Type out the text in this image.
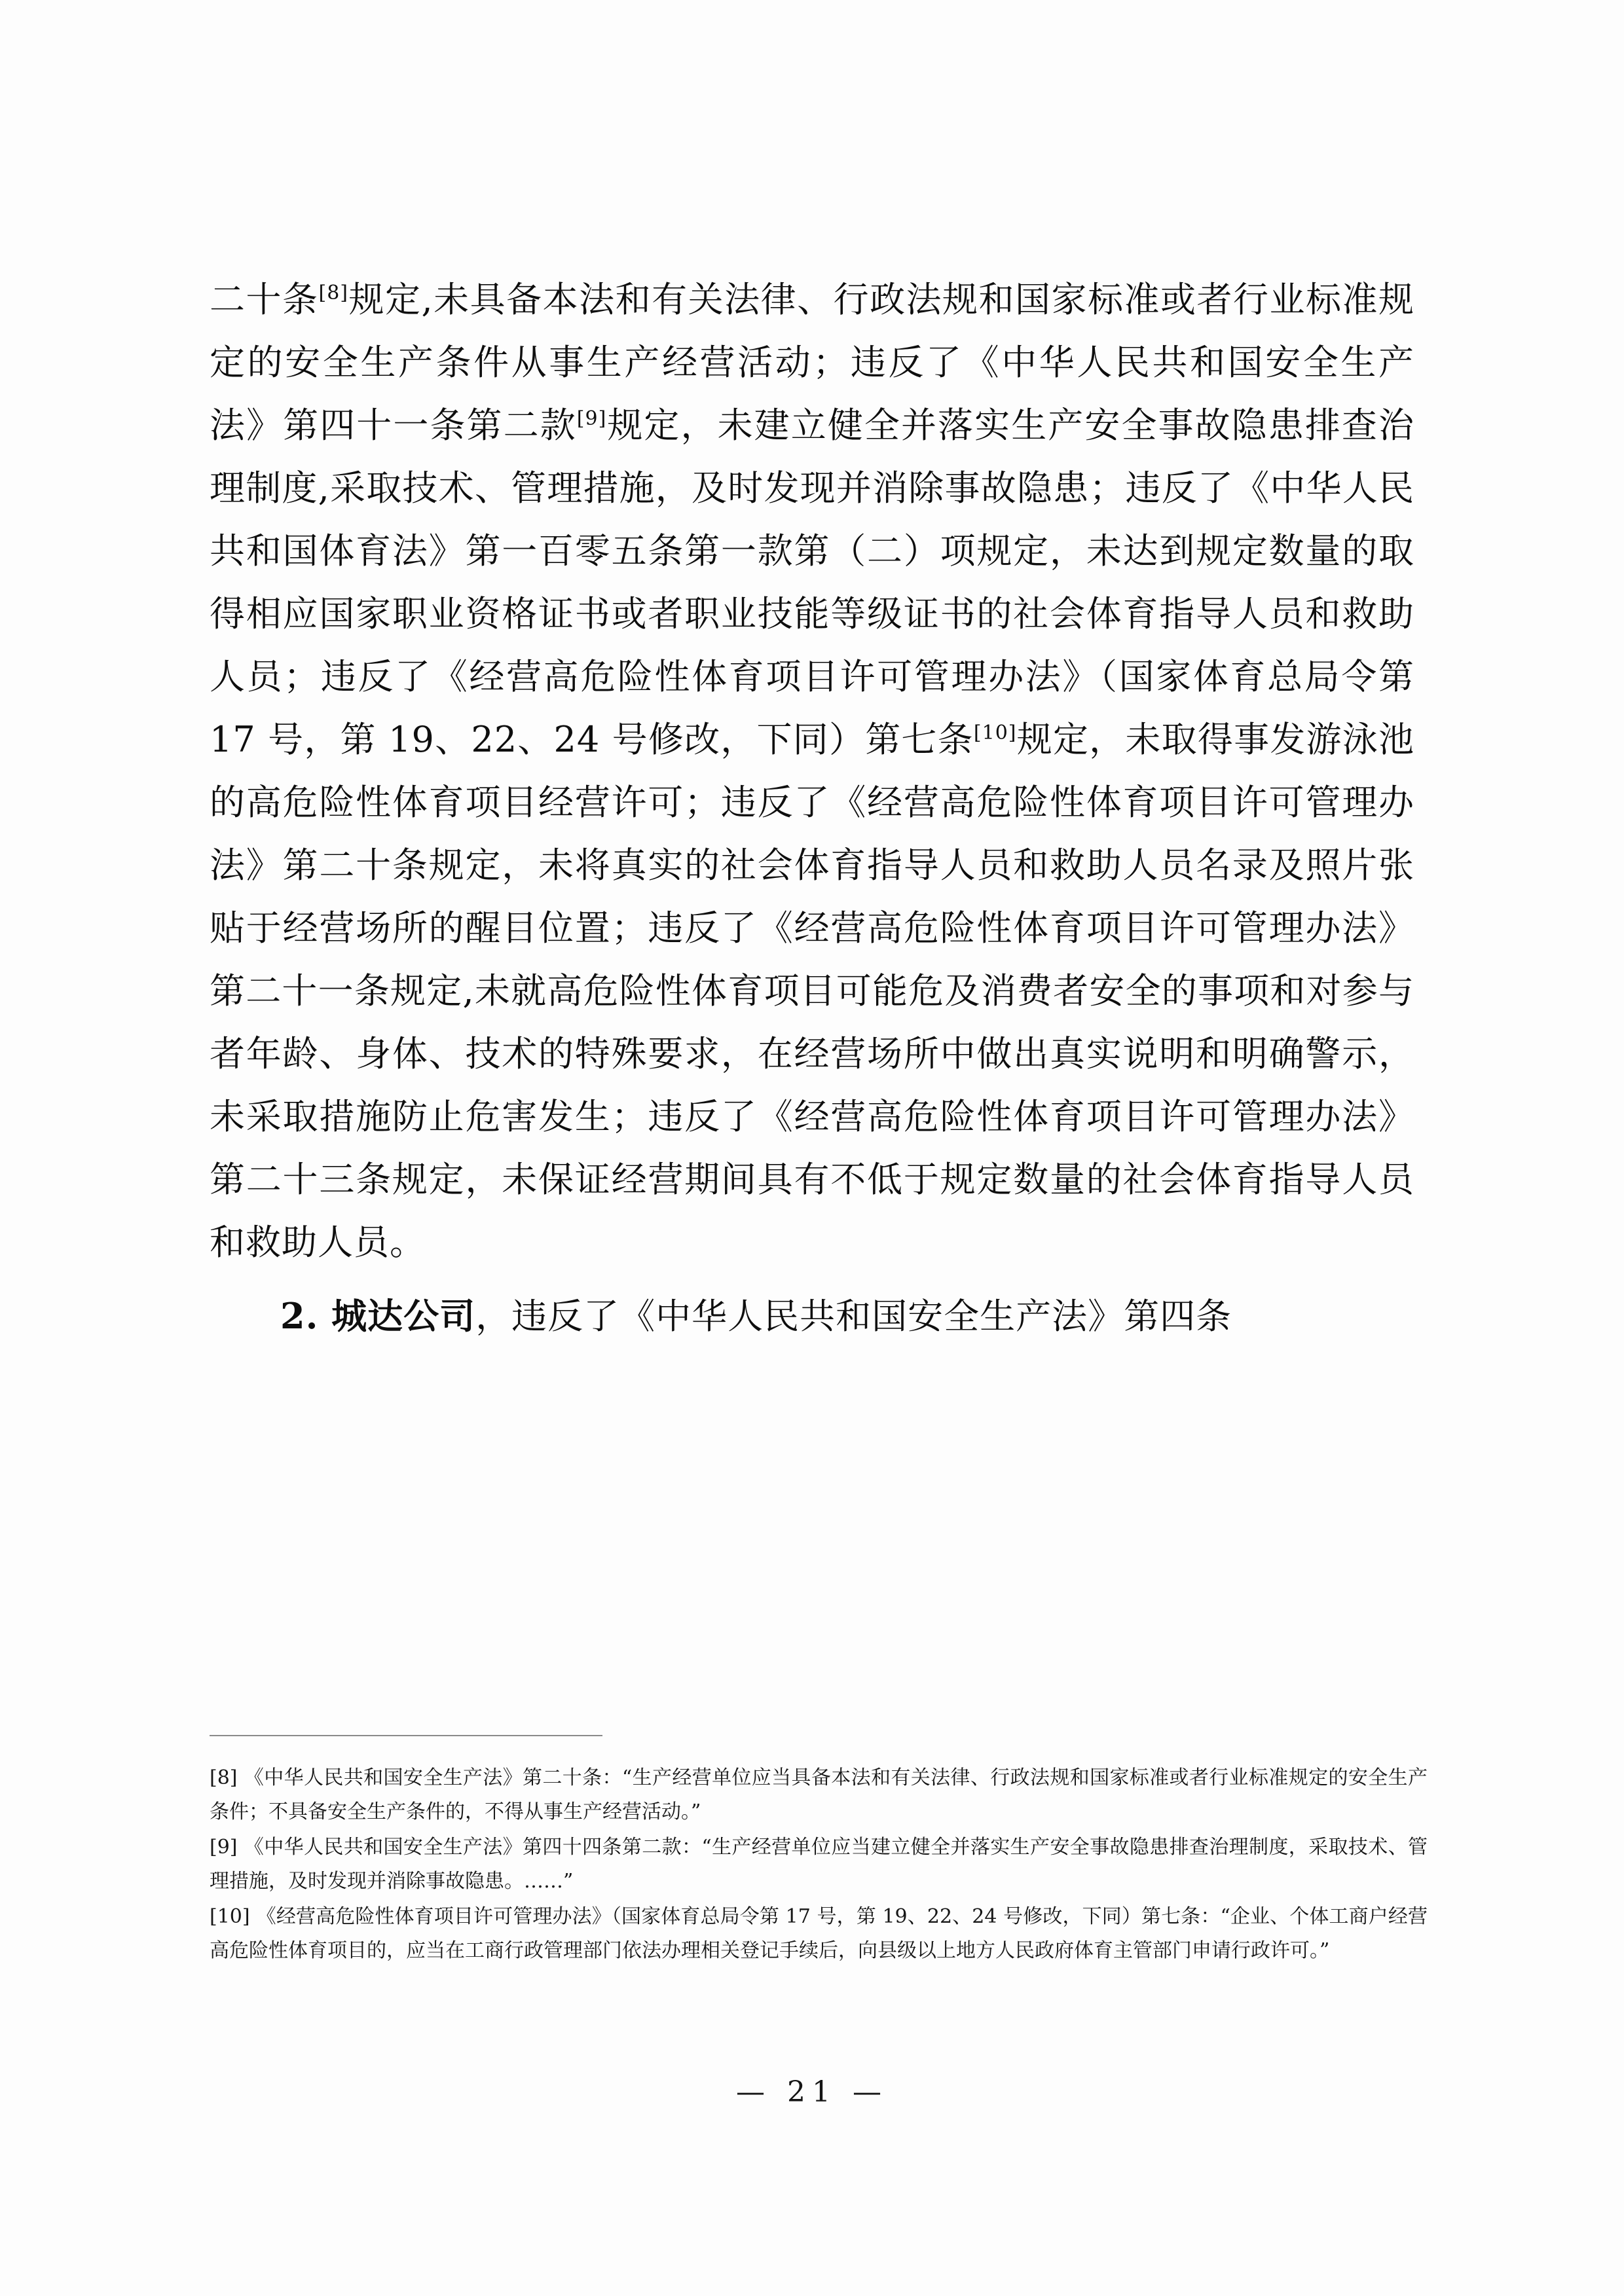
二十条[8]规定,未具备本法和有关法律、行政法规和国家标准或者行业标准规定的安全生产条件从事生产经营活动；违反了《中华人民共和国安全生产法》第四十一条第二款[9]规定，未建立健全并落实生产安全事故隐患排查治理制度,采取技术、管理措施，及时发现并消除事故隐患；违反了《中华人民共和国体育法》第一百零五条第一款第（二）项规定，未达到规定数量的取得相应国家职业资格证书或者职业技能等级证书的社会体育指导人员和救助人员；违反了《经营高危险性体育项目许可管理办法》（国家体育总局令第 17 号，第 19、22、24 号修改，下同）第七条[10]规定，未取得事发游泳池的高危险性体育项目经营许可；违反了《经营高危险性体育项目许可管理办法》第二十条规定，未将真实的社会体育指导人员和救助人员名录及照片张贴于经营场所的醒目位置；违反了《经营高危险性体育项目许可管理办法》第二十一条规定,未就高危险性体育项目可能危及消费者安全的事项和对参与者年龄、身体、技术的特殊要求，在经营场所中做出真实说明和明确警示，未采取措施防止危害发生；违反了《经营高危险性体育项目许可管理办法》第二十三条规定，未保证经营期间具有不低于规定数量的社会体育指导人员和救助人员。

2. 城达公司，违反了《中华人民共和国安全生产法》第四条

[8] 《中华人民共和国安全生产法》第二十条：“生产经营单位应当具备本法和有关法律、行政法规和国家标准或者行业标准规定的安全生产条件；不具备安全生产条件的，不得从事生产经营活动。”

[9] 《中华人民共和国安全生产法》第四十四条第二款：“生产经营单位应当建立健全并落实生产安全事故隐患排查治理制度，采取技术、管理措施，及时发现并消除事故隐患。……”

[10] 《经营高危险性体育项目许可管理办法》（国家体育总局令第 17 号，第 19、22、24 号修改，下同）第七条：“企业、个体工商户经营高危险性体育项目的，应当在工商行政管理部门依法办理相关登记手续后，向县级以上地方人民政府体育主管部门申请行政许可。”

— 21 —
